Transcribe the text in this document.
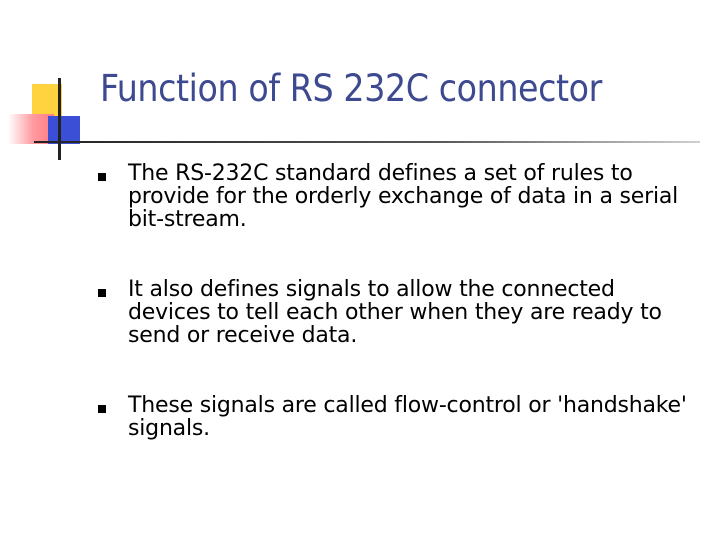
Function of RS 232C connector
The RS-232C standard defines a set of rules to provide for the orderly exchange of data in a serial bit-stream.
It also defines signals to allow the connected devices to tell each other when they are ready to send or receive data.
These signals are called flow-control or 'handshake' signals.
